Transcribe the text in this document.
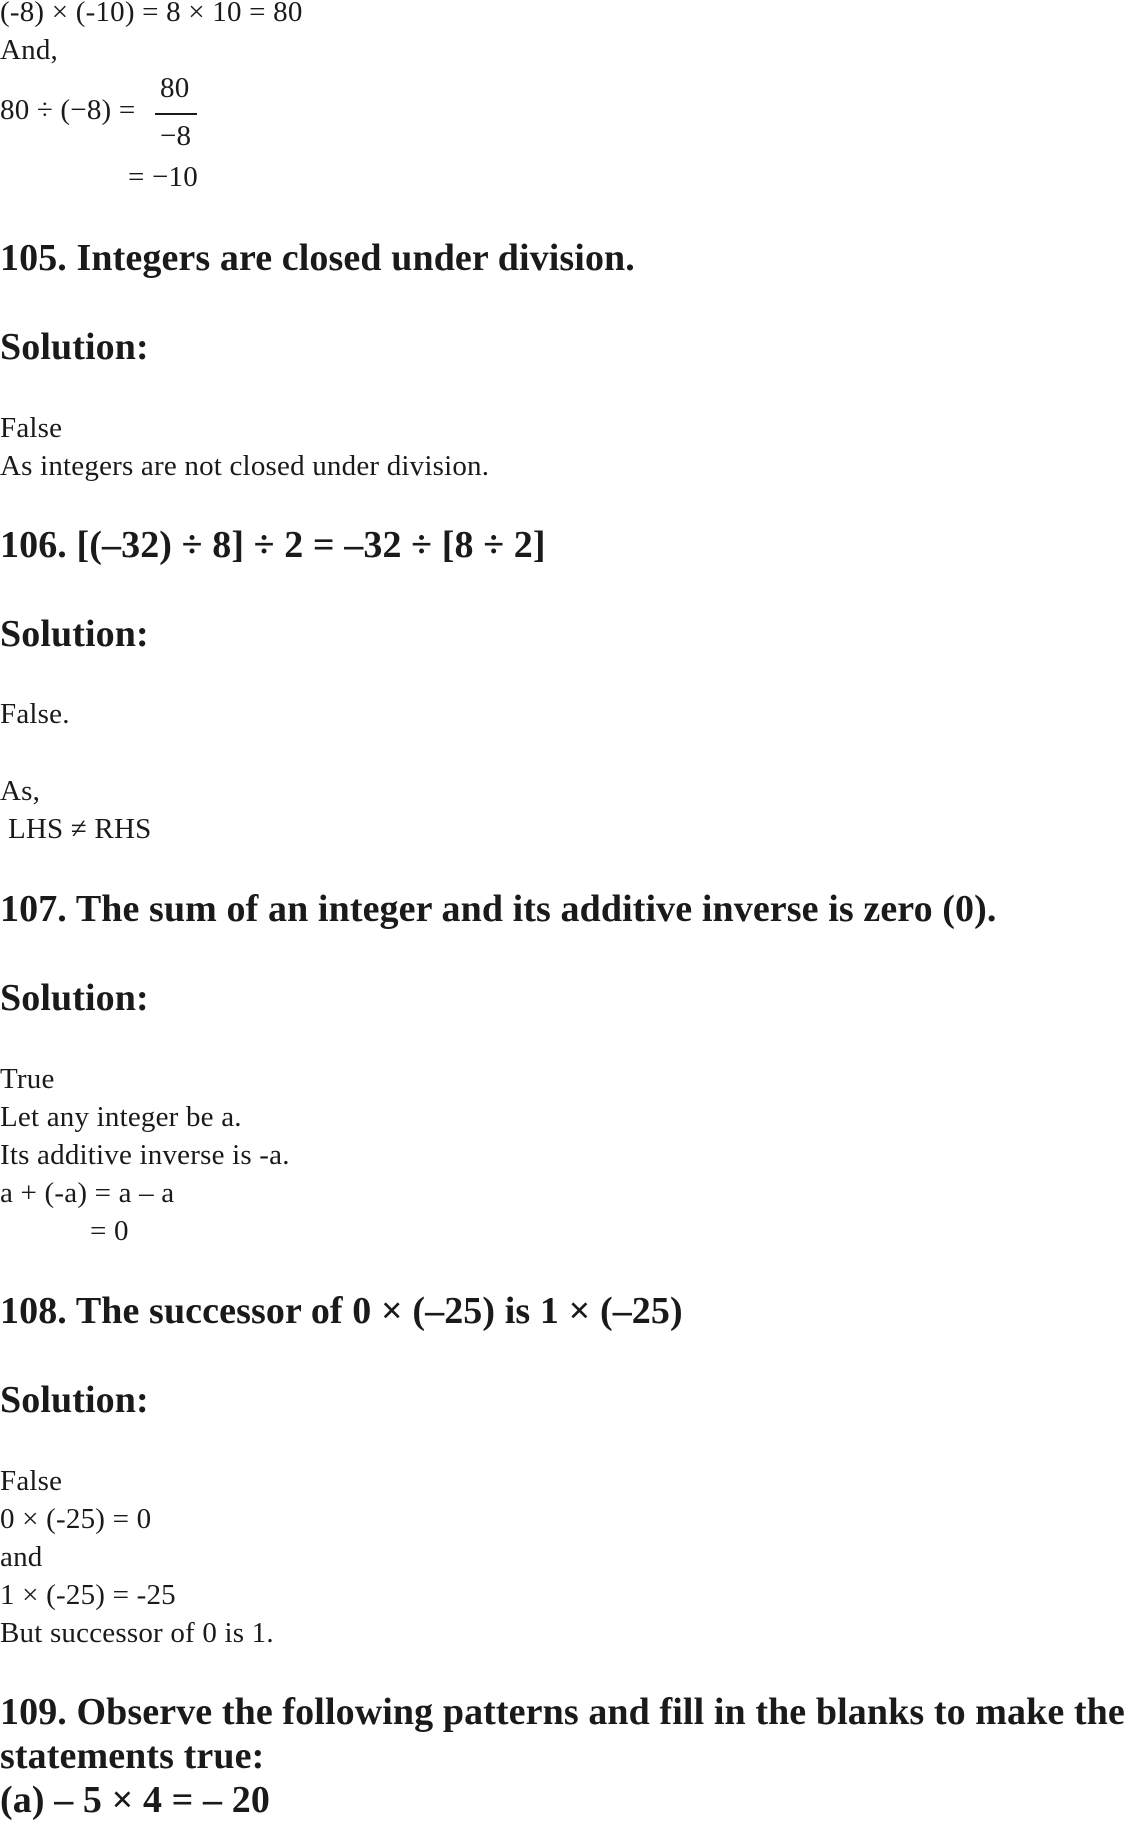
(-8) × (-10) = 8 × 10 = 80
And,
80 ÷ (−8) =
80
−8
= −10
105. Integers are closed under division.
Solution:
False
As integers are not closed under division.
106. [(–32) ÷ 8] ÷ 2 = –32 ÷ [8 ÷ 2]
Solution:
False.
As,
LHS ≠ RHS
107. The sum of an integer and its additive inverse is zero (0).
Solution:
True
Let any integer be a.
Its additive inverse is -a.
a + (-a) = a – a
= 0
108. The successor of 0 × (–25) is 1 × (–25)
Solution:
False
0 × (-25) = 0
and
1 × (-25) = -25
But successor of 0 is 1.
109. Observe the following patterns and fill in the blanks to make the
statements true:
(a) – 5 × 4 = – 20
